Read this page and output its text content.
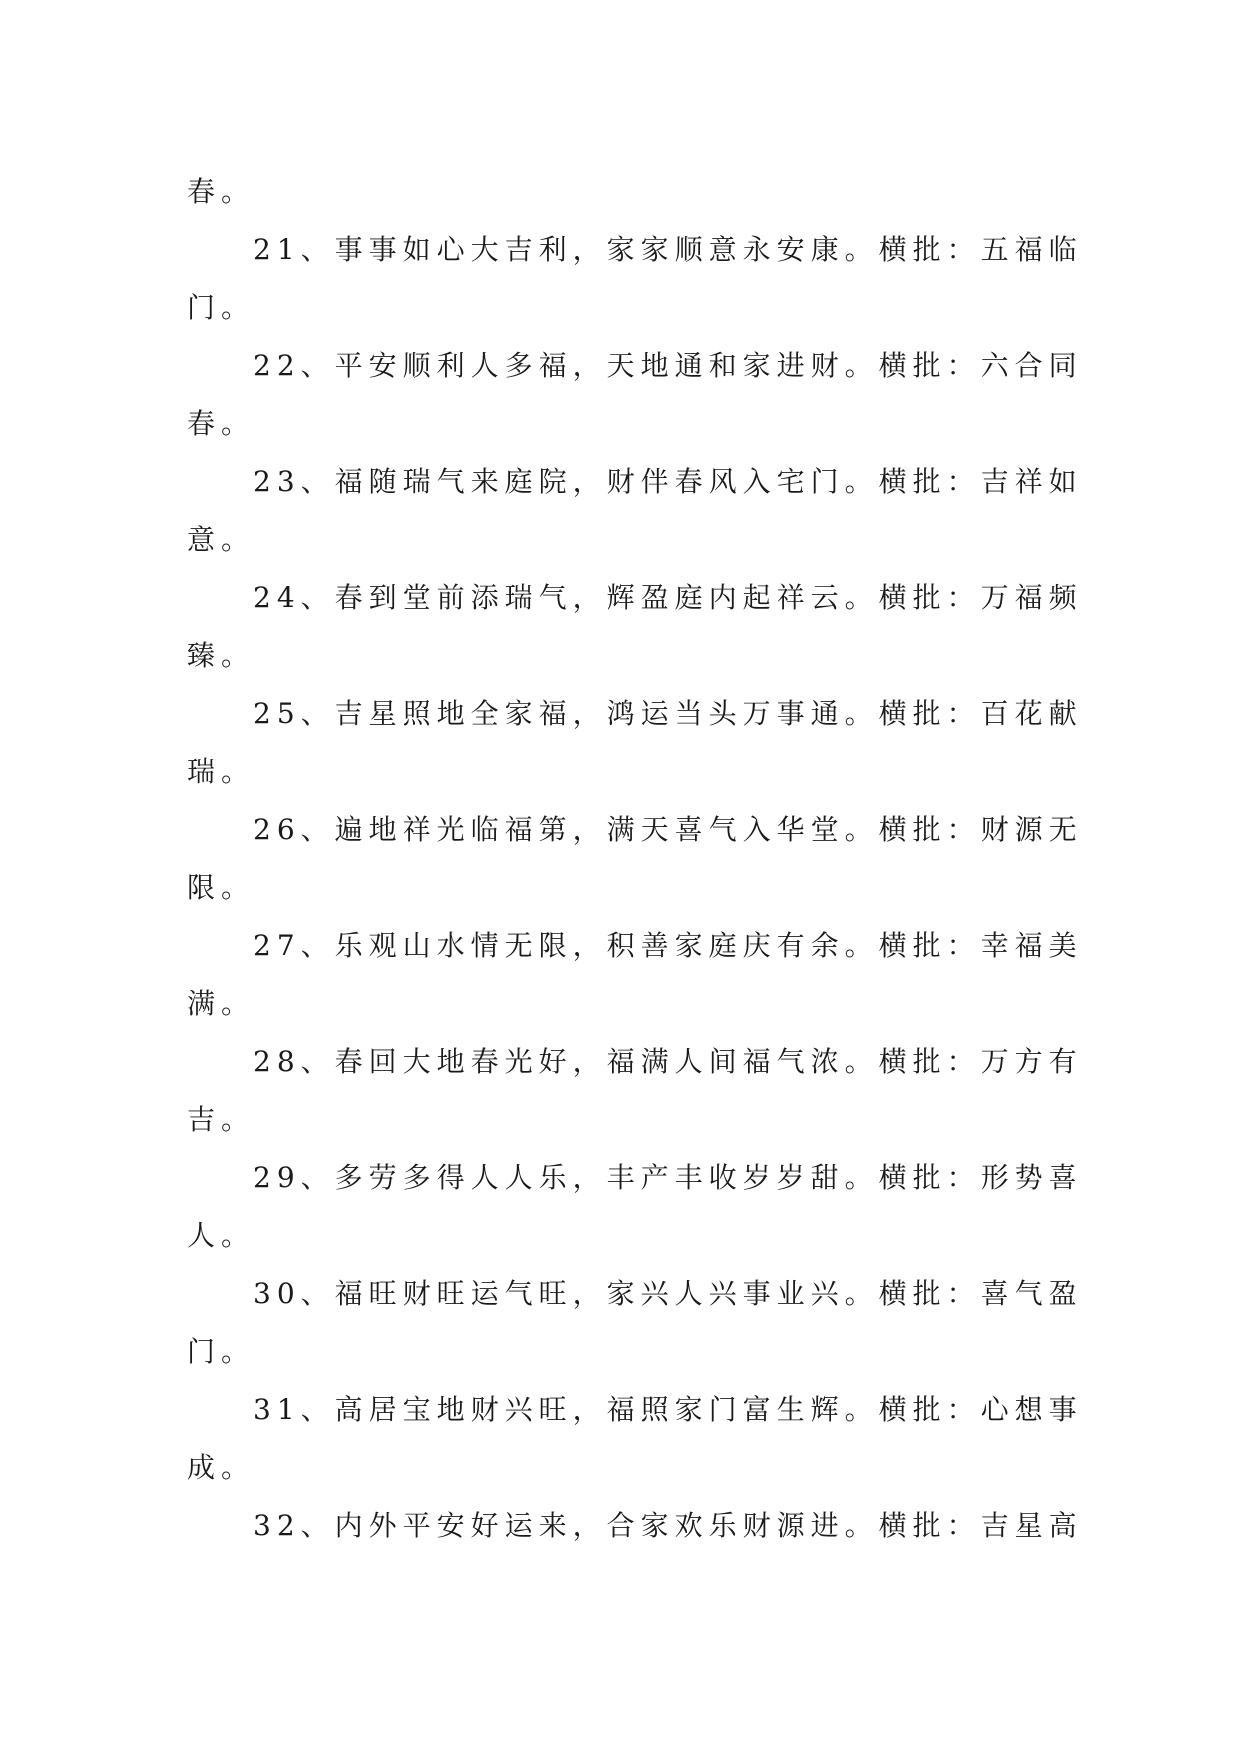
春。
21、事事如心大吉利，家家顺意永安康。横批：五福临
门。
22、平安顺利人多福，天地通和家进财。横批：六合同
春。
23、福随瑞气来庭院，财伴春风入宅门。横批：吉祥如
意。
24、春到堂前添瑞气，辉盈庭内起祥云。横批：万福频
臻。
25、吉星照地全家福，鸿运当头万事通。横批：百花献
瑞。
26、遍地祥光临福第，满天喜气入华堂。横批：财源无
限。
27、乐观山水情无限，积善家庭庆有余。横批：幸福美
满。
28、春回大地春光好，福满人间福气浓。横批：万方有
吉。
29、多劳多得人人乐，丰产丰收岁岁甜。横批：形势喜
人。
30、福旺财旺运气旺，家兴人兴事业兴。横批：喜气盈
门。
31、高居宝地财兴旺，福照家门富生辉。横批：心想事
成。
32、内外平安好运来，合家欢乐财源进。横批：吉星高
